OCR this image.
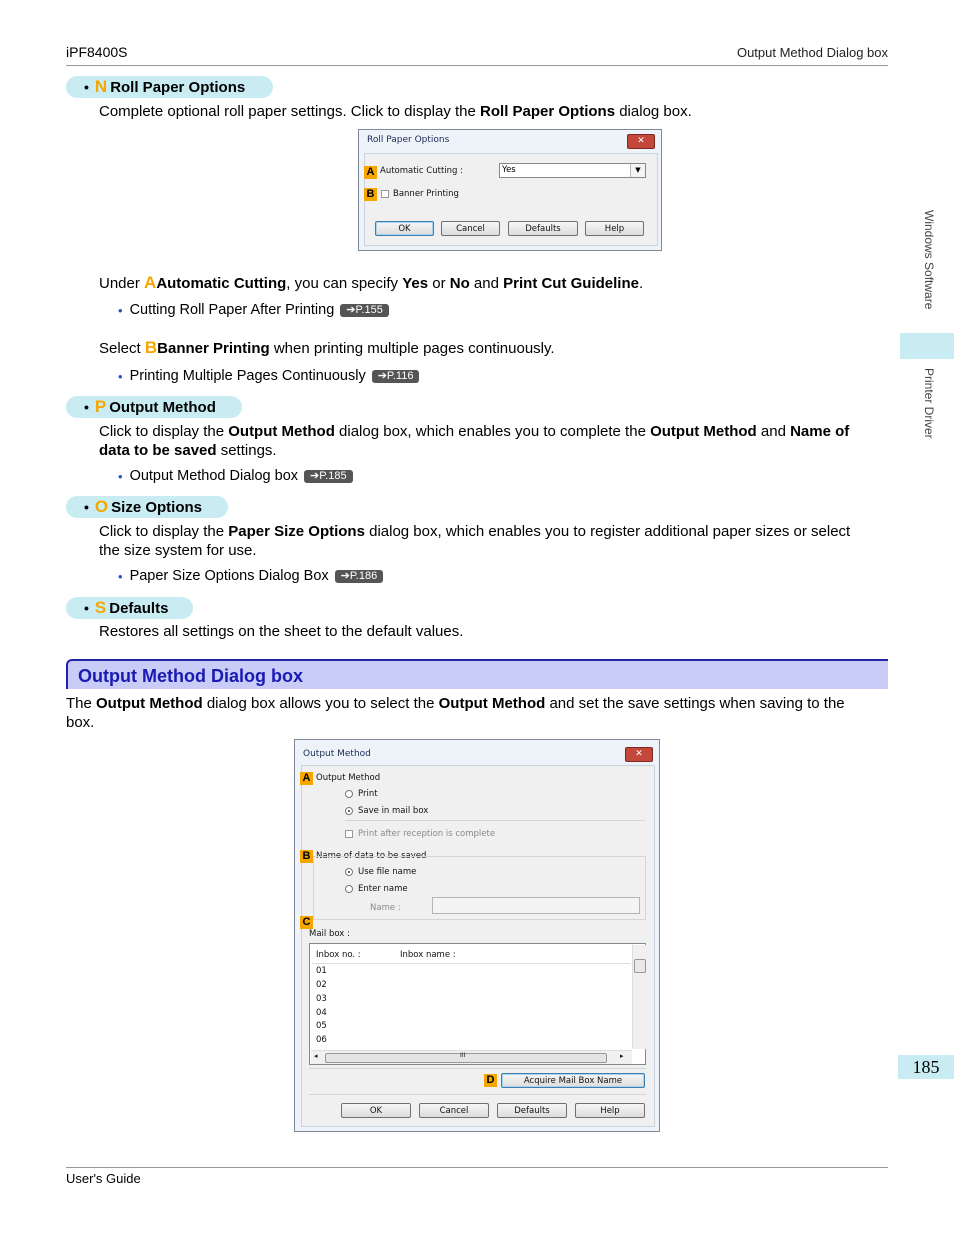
iPF8400S	Output Method Dialog box
User's Guide
Windows Software
Printer Driver
185
• N Roll Paper Options
Complete optional roll paper settings. Click to display the Roll Paper Options dialog box.
Roll Paper Options	✕
A Automatic Cutting :	Yes	▼
B Banner Printing
OK	Cancel	Defaults	Help
Under AAutomatic Cutting, you can specify Yes or No and Print Cut Guideline.
• Cutting Roll Paper After Printing	➔P.155
Select BBanner Printing when printing multiple pages continuously.
• Printing Multiple Pages Continuously	➔P.116
• P Output Method
Click to display the Output Method dialog box, which enables you to complete the Output Method and Name of
data to be saved settings.
• Output Method Dialog box	➔P.185
• O Size Options
Click to display the Paper Size Options dialog box, which enables you to register additional paper sizes or select
the size system for use.
• Paper Size Options Dialog Box	➔P.186
• S Defaults
Restores all settings on the sheet to the default values.
Output Method Dialog box
The Output Method dialog box allows you to select the Output Method and set the save settings when saving to the
box.
Output Method	✕
A Output Method
Print
Save in mail box
Print after reception is complete
B Name of data to be saved
Use file name
Enter name
Name :
C
Mail box :
Inbox no. :	Inbox name :
01
02
03
04
05
06
◂	III	▸
D	Acquire Mail Box Name
OK	Cancel	Defaults	Help
